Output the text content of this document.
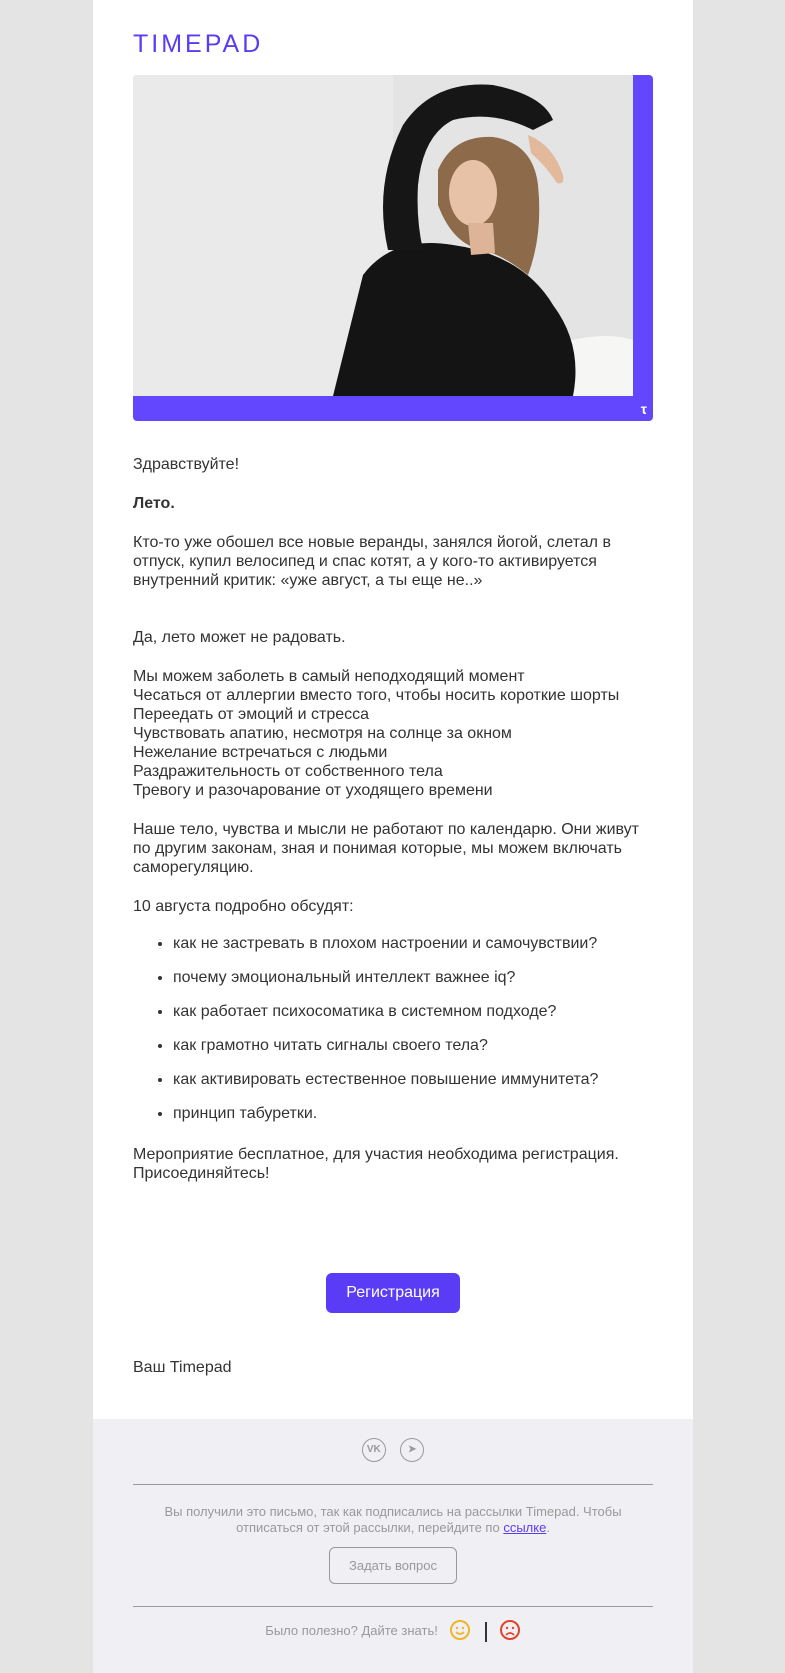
TIMEPAD
τ

Здравствуйте!

Лето.

Кто-то уже обошел все новые веранды, занялся йогой, слетал в отпуск, купил велосипед и спас котят, а у кого-то активируется внутренний критик: «уже август, а ты еще не..»

Да, лето может не радовать.

Мы можем заболеть в самый неподходящий момент
Чесаться от аллергии вместо того, чтобы носить короткие шорты
Переедать от эмоций и стресса
Чувствовать апатию, несмотря на солнце за окном
Нежелание встречаться с людьми
Раздражительность от собственного тела
Тревогу и разочарование от уходящего времени

Наше тело, чувства и мысли не работают по календарю. Они живут по другим законам, зная и понимая которые, мы можем включать саморегуляцию.

10 августа подробно обсудят:

• как не застревать в плохом настроении и самочувствии?
• почему эмоциональный интеллект важнее iq?
• как работает психосоматика в системном подходе?
• как грамотно читать сигналы своего тела?
• как активировать естественное повышение иммунитета?
• принцип табуретки.

Мероприятие бесплатное, для участия необходима регистрация. Присоединяйтесь!

Регистрация
Ваш Timepad
VK	➤
Вы получили это письмо, так как подписались на рассылки Timepad. Чтобы отписаться от этой рассылки, перейдите по ссылке.
Задать вопрос
Было полезно? Дайте знать!
